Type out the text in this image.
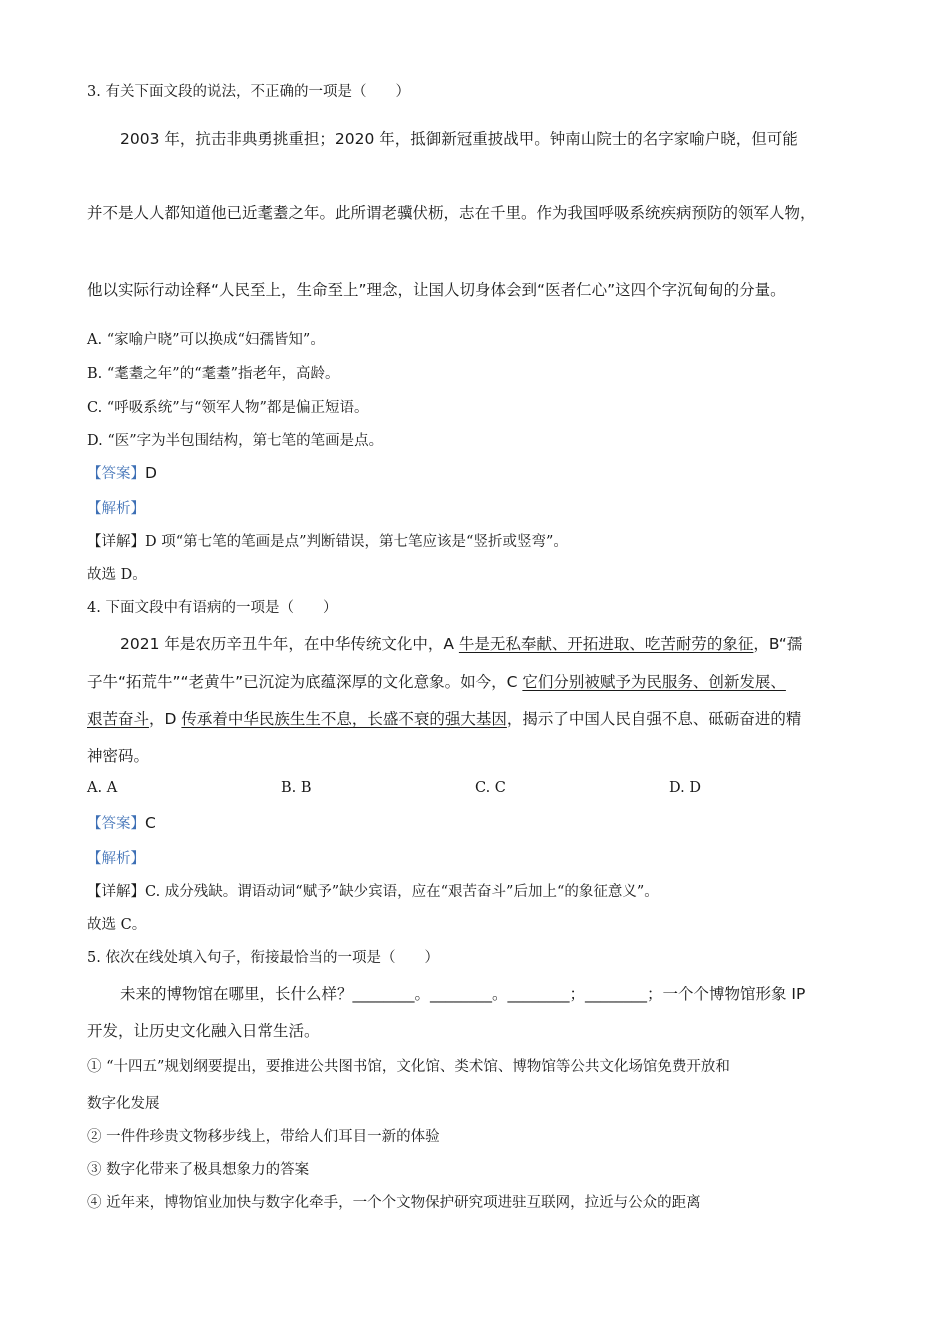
3. 有关下面文段的说法，不正确的一项是（　　）
2003 年，抗击非典勇挑重担；2020 年，抵御新冠重披战甲。钟南山院士的名字家喻户晓，但可能
并不是人人都知道他已近耄耋之年。此所谓老骥伏枥，志在千里。作为我国呼吸系统疾病预防的领军人物，
他以实际行动诠释“人民至上，生命至上”理念，让国人切身体会到“医者仁心”这四个字沉甸甸的分量。
A. “家喻户晓”可以换成“妇孺皆知”。
B. “耄耋之年”的“耄耋”指老年，高龄。
C. “呼吸系统”与“领军人物”都是偏正短语。
D. “医”字为半包围结构，第七笔的笔画是点。
【答案】D
【解析】
【详解】D 项“第七笔的笔画是点”判断错误，第七笔应该是“竖折或竖弯”。
故选 D。
4. 下面文段中有语病的一项是（　　）
2021 年是农历辛丑牛年，在中华传统文化中，A 牛是无私奉献、开拓进取、吃苦耐劳的象征，B“孺
子牛“拓荒牛”“老黄牛”已沉淀为底蕴深厚的文化意象。如今，C 它们分别被赋予为民服务、创新发展、
艰苦奋斗，D 传承着中华民族生生不息，长盛不衰的强大基因，揭示了中国人民自强不息、砥砺奋进的精
神密码。
A. A	B. B	C. C	D. D
【答案】C
【解析】
【详解】C. 成分残缺。谓语动词“赋予”缺少宾语，应在“艰苦奋斗”后加上“的象征意义”。
故选 C。
5. 依次在线处填入句子，衔接最恰当的一项是（　　）
未来的博物馆在哪里，长什么样？________。________。________；________；一个个博物馆形象 IP
开发，让历史文化融入日常生活。
① “十四五”规划纲要提出，要推进公共图书馆，文化馆、类术馆、博物馆等公共文化场馆免费开放和
数字化发展
② 一件件珍贵文物移步线上，带给人们耳目一新的体验
③ 数字化带来了极具想象力的答案
④ 近年来，博物馆业加快与数字化牵手，一个个文物保护研究项进驻互联网，拉近与公众的距离
